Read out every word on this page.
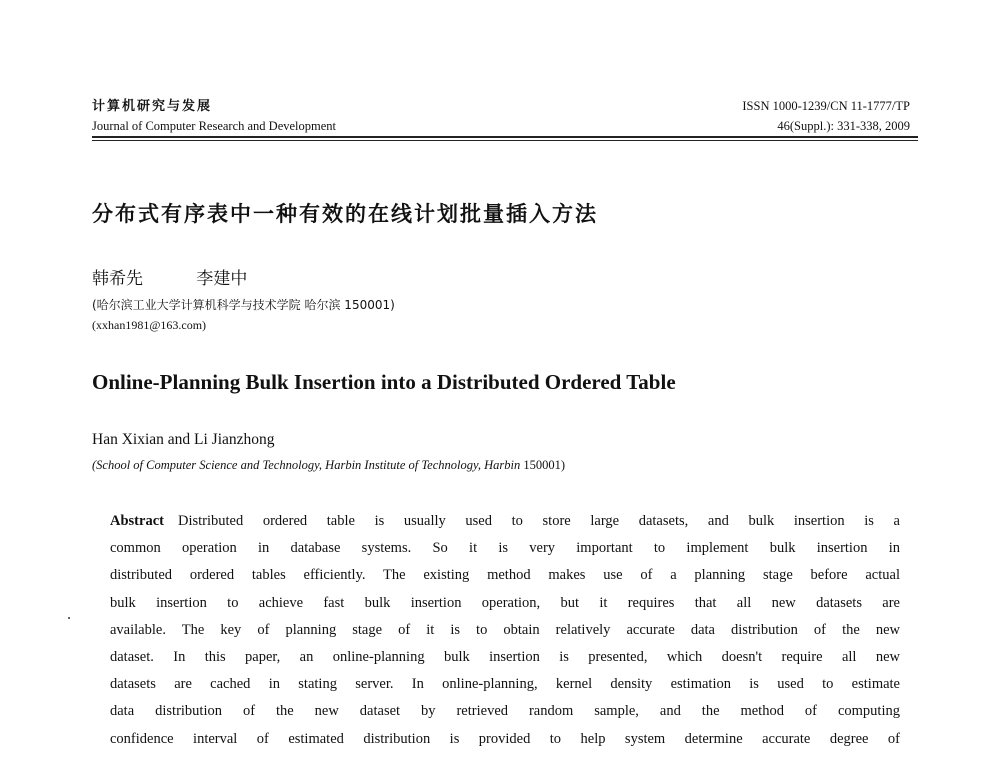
计算机研究与发展
Journal of Computer Research and Development
ISSN 1000-1239/CN 11-1777/TP
46(Suppl.): 331-338, 2009
分布式有序表中一种有效的在线计划批量插入方法
韩希先	李建中
(哈尔滨工业大学计算机科学与技术学院 哈尔滨 150001)
(xxhan1981@163.com)
Online-Planning Bulk Insertion into a Distributed Ordered Table
Han Xixian and Li Jianzhong
(School of Computer Science and Technology, Harbin Institute of Technology, Harbin 150001)
Abstract Distributed ordered table is usually used to store large datasets, and bulk insertion is a
common operation in database systems. So it is very important to implement bulk insertion in
distributed ordered tables efficiently. The existing method makes use of a planning stage before actual
bulk insertion to achieve fast bulk insertion operation, but it requires that all new datasets are
available. The key of planning stage of it is to obtain relatively accurate data distribution of the new
dataset. In this paper, an online-planning bulk insertion is presented, which doesn't require all new
datasets are cached in stating server. In online-planning, kernel density estimation is used to estimate
data distribution of the new dataset by retrieved random sample, and the method of computing
confidence interval of estimated distribution is provided to help system determine accurate degree of
